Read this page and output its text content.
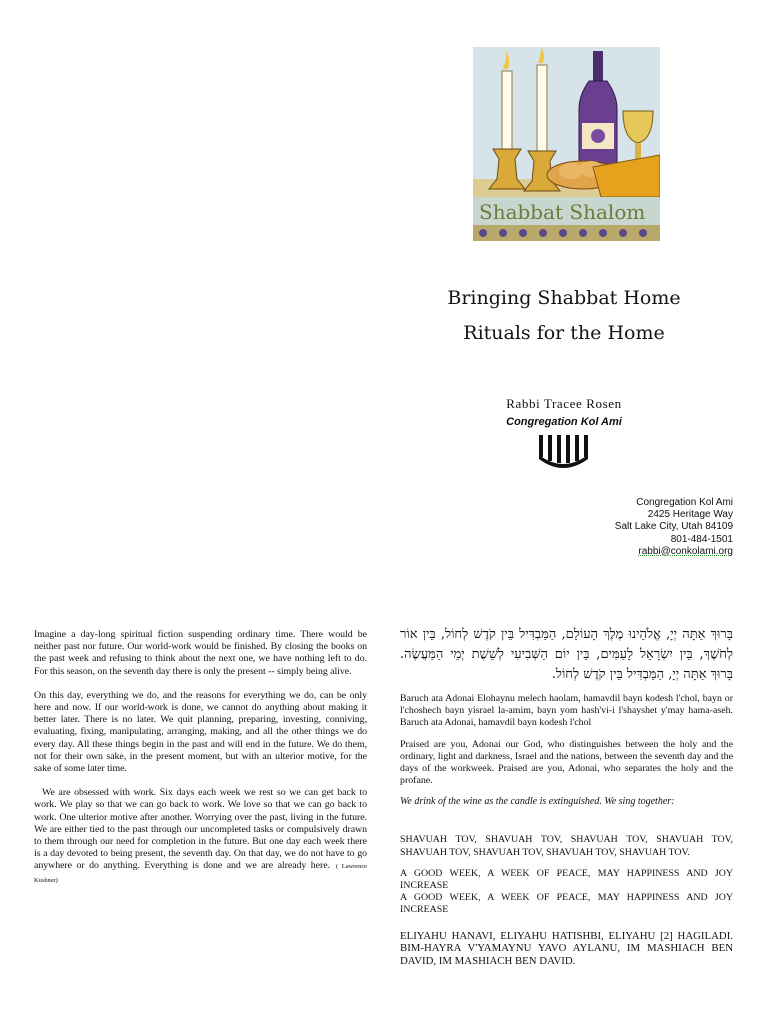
Shabbat Shalom
Bringing Shabbat Home
Rituals for the Home
Rabbi Tracee Rosen
Congregation Kol Ami
Congregation Kol Ami
2425 Heritage Way
Salt Lake City, Utah 84109
801-484-1501
rabbi@conkolami.org

Imagine a day-long spiritual fiction suspending ordinary time. There would be neither past nor future. Our world-work would be finished. By closing the books on the past week and refusing to think about the next one, we have nothing left to do. For this season, on the seventh day there is only the present -- simply being alive.

On this day, everything we do, and the reasons for everything we do, can be only here and now. If our world-work is done, we cannot do anything about making it better later. There is no later. We quit planning, preparing, investing, conniving, evaluating, fixing, manipulating, arranging, making, and all the other things we do every day. All these things begin in the past and will end in the future. We do them, not for their own sake, in the present moment, but with an ulterior motive, for the sake of some later time.

We are obsessed with work. Six days each week we rest so we can get back to work. We play so that we can go back to work. We love so that we can go back to work. One ulterior motive after another. Worrying over the past, living in the future. We are either tied to the past through our uncompleted tasks or compulsively drawn to them through our need for completion in the future. But one day each week there is a day devoted to being present, the seventh day. On that day, we do not have to go anywhere or do anything. Everything is done and we are already here. ( Lawrence Kushner)

בָּרוּךְ אַתָּה יְיָ, אֱלֹהֵינוּ מֶלֶךְ הָעוֹלָם, הַמַּבְדִּיל בֵּין קֹדֶשׁ לְחוֹל, בֵּין אוֹר לְחֹשֶׁךְ, בֵּין יִשְׂרָאֵל לָעַמִּים, בֵּין יוֹם הַשְּׁבִיעִי לְשֵׁשֶׁת יְמֵי הַמַּעֲשֶׂה. בָּרוּךְ אַתָּה יְיָ, הַמַּבְדִּיל בֵּין קֹדֶשׁ לְחוֹל.

Baruch ata Adonai Elohaynu melech haolam, hamavdil bayn kodesh l'chol, bayn or l'choshech bayn yisrael la-amim, bayn yom hash'vi-i l'shayshet y'may hama-aseh. Baruch ata Adonai, hamavdil bayn kodesh l'chol

Praised are you, Adonai our God, who distinguishes between the holy and the ordinary, light and darkness, Israel and the nations, between the seventh day and the days of the workweek. Praised are you, Adonai, who separates the holy and the profane.

We drink of the wine as the candle is extinguished. We sing together:

SHAVUAH TOV, SHAVUAH TOV, SHAVUAH TOV, SHAVUAH TOV, SHAVUAH TOV, SHAVUAH TOV, SHAVUAH TOV, SHAVUAH TOV.

A GOOD WEEK, A WEEK OF PEACE, MAY HAPPINESS AND JOY INCREASE

A GOOD WEEK, A WEEK OF PEACE, MAY HAPPINESS AND JOY INCREASE

ELIYAHU HANAVI, ELIYAHU HATISHBI, ELIYAHU [2] HAGILADI. BIM-HAYRA V'YAMAYNU YAVO AYLANU, IM MASHIACH BEN DAVID, IM MASHIACH BEN DAVID.
